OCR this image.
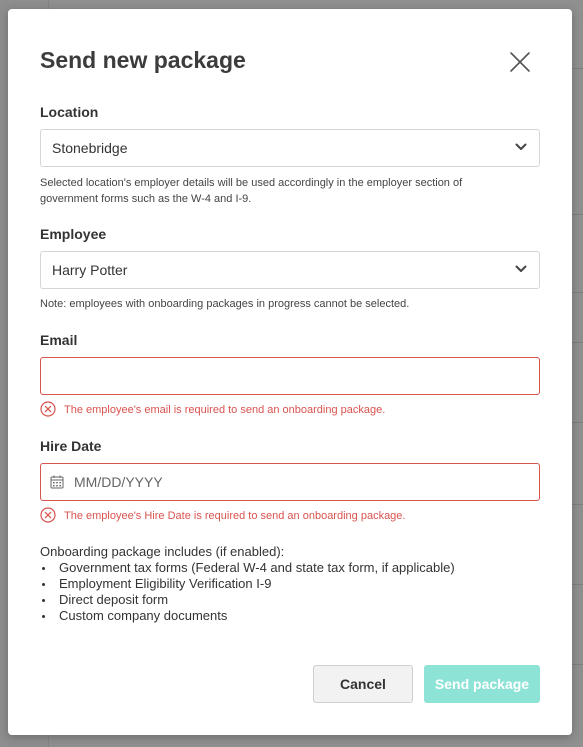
Send new package
Location
Stonebridge
Selected location's employer details will be used accordingly in the employer section of government forms such as the W-4 and I-9.
Employee
Harry Potter
Note: employees with onboarding packages in progress cannot be selected.
Email
The employee's email is required to send an onboarding package.
Hire Date
MM/DD/YYYY
The employee's Hire Date is required to send an onboarding package.
Onboarding package includes (if enabled):
Government tax forms (Federal W-4 and state tax form, if applicable)
Employment Eligibility Verification I-9
Direct deposit form
Custom company documents
Cancel	Send package
